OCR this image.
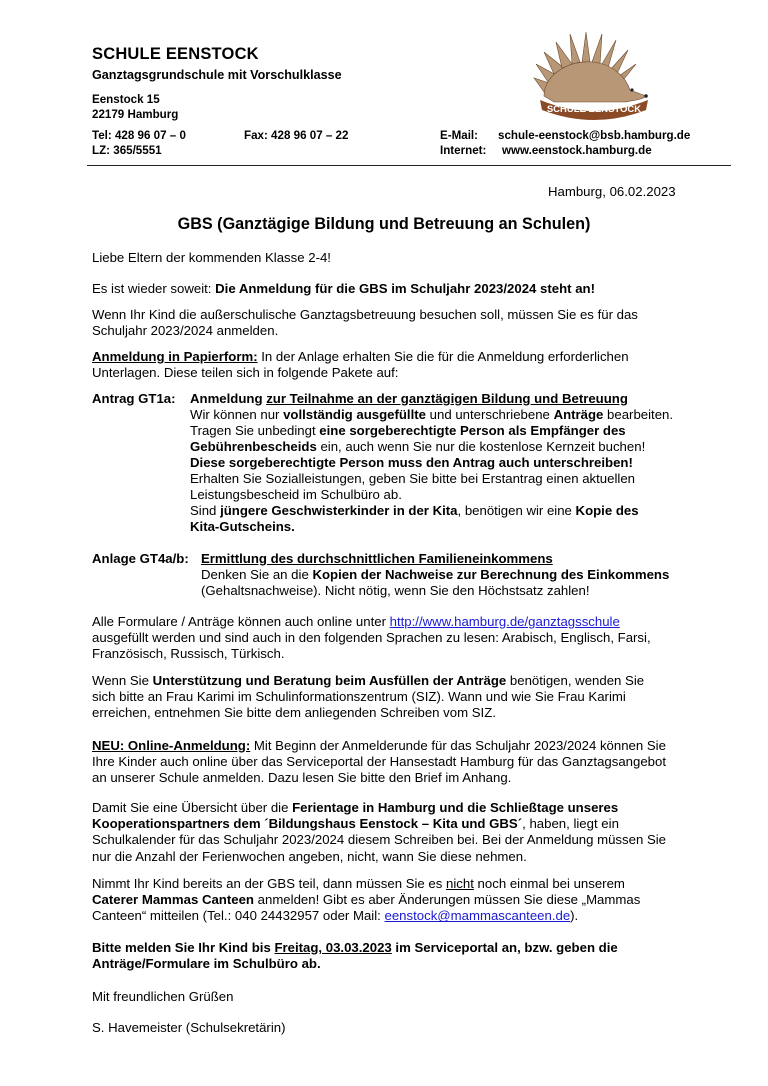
SCHULE EENSTOCK
Ganztagsgrundschule mit Vorschulklasse
Eenstock 15
22179 Hamburg
Tel: 428 96 07 – 0	Fax: 428 96 07 – 22	E-Mail: schule-eenstock@bsb.hamburg.de
LZ: 365/5551	Internet: www.eenstock.hamburg.de
SCHULE EENSTOCK
Hamburg, 06.02.2023
GBS (Ganztägige Bildung und Betreuung an Schulen)
Liebe Eltern der kommenden Klasse 2-4!
Es ist wieder soweit: Die Anmeldung für die GBS im Schuljahr 2023/2024 steht an!
Wenn Ihr Kind die außerschulische Ganztagsbetreuung besuchen soll, müssen Sie es für das
Schuljahr 2023/2024 anmelden.
Anmeldung in Papierform: In der Anlage erhalten Sie die für die Anmeldung erforderlichen
Unterlagen. Diese teilen sich in folgende Pakete auf:
Antrag GT1a: Anmeldung zur Teilnahme an der ganztägigen Bildung und Betreuung
Wir können nur vollständig ausgefüllte und unterschriebene Anträge bearbeiten.
Tragen Sie unbedingt eine sorgeberechtigte Person als Empfänger des
Gebührenbescheids ein, auch wenn Sie nur die kostenlose Kernzeit buchen!
Diese sorgeberechtigte Person muss den Antrag auch unterschreiben!
Erhalten Sie Sozialleistungen, geben Sie bitte bei Erstantrag einen aktuellen
Leistungsbescheid im Schulbüro ab.
Sind jüngere Geschwisterkinder in der Kita, benötigen wir eine Kopie des
Kita-Gutscheins.
Anlage GT4a/b: Ermittlung des durchschnittlichen Familieneinkommens
Denken Sie an die Kopien der Nachweise zur Berechnung des Einkommens
(Gehaltsnachweise). Nicht nötig, wenn Sie den Höchstsatz zahlen!
Alle Formulare / Anträge können auch online unter http://www.hamburg.de/ganztagsschule
ausgefüllt werden und sind auch in den folgenden Sprachen zu lesen: Arabisch, Englisch, Farsi,
Französisch, Russisch, Türkisch.
Wenn Sie Unterstützung und Beratung beim Ausfüllen der Anträge benötigen, wenden Sie
sich bitte an Frau Karimi im Schulinformationszentrum (SIZ). Wann und wie Sie Frau Karimi
erreichen, entnehmen Sie bitte dem anliegenden Schreiben vom SIZ.
NEU: Online-Anmeldung: Mit Beginn der Anmelderunde für das Schuljahr 2023/2024 können Sie
Ihre Kinder auch online über das Serviceportal der Hansestadt Hamburg für das Ganztagsangebot
an unserer Schule anmelden. Dazu lesen Sie bitte den Brief im Anhang.
Damit Sie eine Übersicht über die Ferientage in Hamburg und die Schließtage unseres
Kooperationspartners dem ´Bildungshaus Eenstock – Kita und GBS´, haben, liegt ein
Schulkalender für das Schuljahr 2023/2024 diesem Schreiben bei. Bei der Anmeldung müssen Sie
nur die Anzahl der Ferienwochen angeben, nicht, wann Sie diese nehmen.
Nimmt Ihr Kind bereits an der GBS teil, dann müssen Sie es nicht noch einmal bei unserem
Caterer Mammas Canteen anmelden! Gibt es aber Änderungen müssen Sie diese „Mammas
Canteen“ mitteilen (Tel.: 040 24432957 oder Mail: eenstock@mammascanteen.de).
Bitte melden Sie Ihr Kind bis Freitag, 03.03.2023 im Serviceportal an, bzw. geben die
Anträge/Formulare im Schulbüro ab.
Mit freundlichen Grüßen
S. Havemeister (Schulsekretärin)
